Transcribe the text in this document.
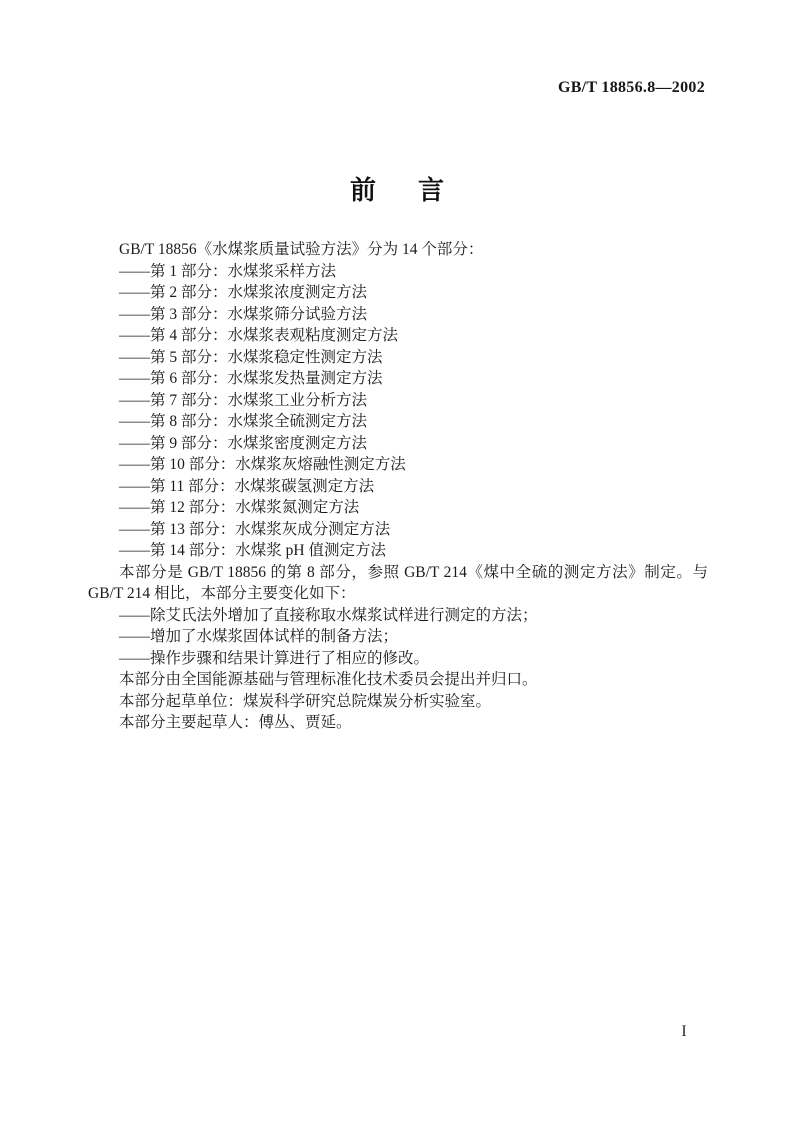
GB/T 18856.8—2002
前言

GB/T 18856《水煤浆质量试验方法》分为 14 个部分：

——第 1 部分：水煤浆采样方法

——第 2 部分：水煤浆浓度测定方法

——第 3 部分：水煤浆筛分试验方法

——第 4 部分：水煤浆表观粘度测定方法

——第 5 部分：水煤浆稳定性测定方法

——第 6 部分：水煤浆发热量测定方法

——第 7 部分：水煤浆工业分析方法

——第 8 部分：水煤浆全硫测定方法

——第 9 部分：水煤浆密度测定方法

——第 10 部分：水煤浆灰熔融性测定方法

——第 11 部分：水煤浆碳氢测定方法

——第 12 部分：水煤浆氮测定方法

——第 13 部分：水煤浆灰成分测定方法

——第 14 部分：水煤浆 pH 值测定方法

本部分是 GB/T 18856 的第 8 部分，参照 GB/T 214《煤中全硫的测定方法》制定。与 GB/T 214 相比，本部分主要变化如下：

——除艾氏法外增加了直接称取水煤浆试样进行测定的方法；

——增加了水煤浆固体试样的制备方法；

——操作步骤和结果计算进行了相应的修改。

本部分由全国能源基础与管理标准化技术委员会提出并归口。

本部分起草单位：煤炭科学研究总院煤炭分析实验室。

本部分主要起草人：傅丛、贾延。

I
